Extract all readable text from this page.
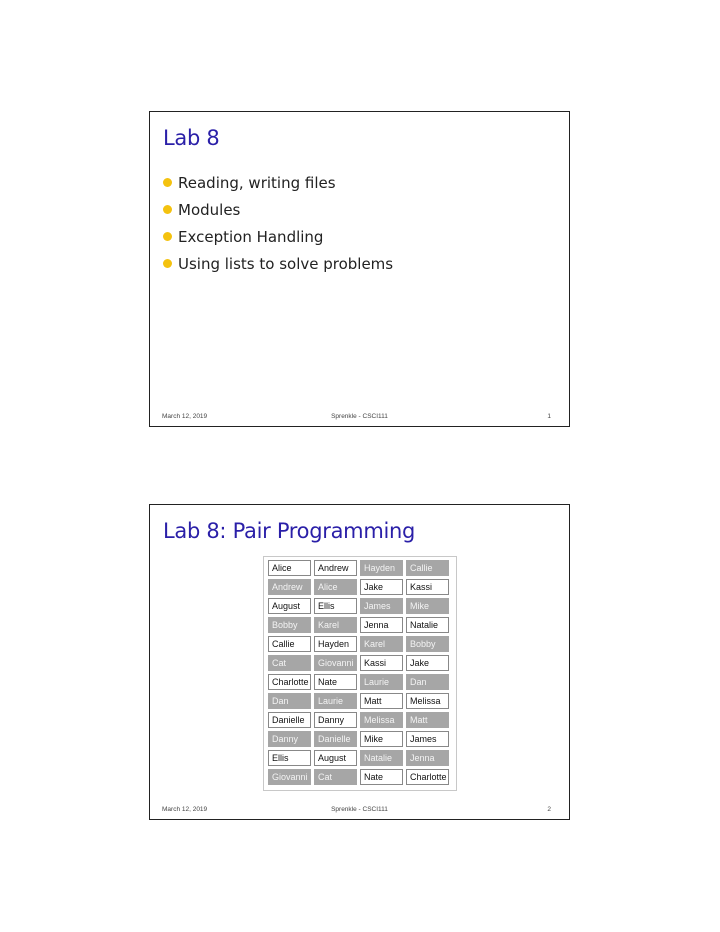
Lab 8
Reading, writing files
Modules
Exception Handling
Using lists to solve problems
March 12, 2019	Sprenkle - CSCI111	1
Lab 8: Pair Programming
Alice	Andrew	Hayden	Callie
Andrew	Alice	Jake	Kassi
August	Ellis	James	Mike
Bobby	Karel	Jenna	Natalie
Callie	Hayden	Karel	Bobby
Cat	Giovanni	Kassi	Jake
Charlotte	Nate	Laurie	Dan
Dan	Laurie	Matt	Melissa
Danielle	Danny	Melissa	Matt
Danny	Danielle	Mike	James
Ellis	August	Natalie	Jenna
Giovanni	Cat	Nate	Charlotte
March 12, 2019	Sprenkle - CSCI111	2
